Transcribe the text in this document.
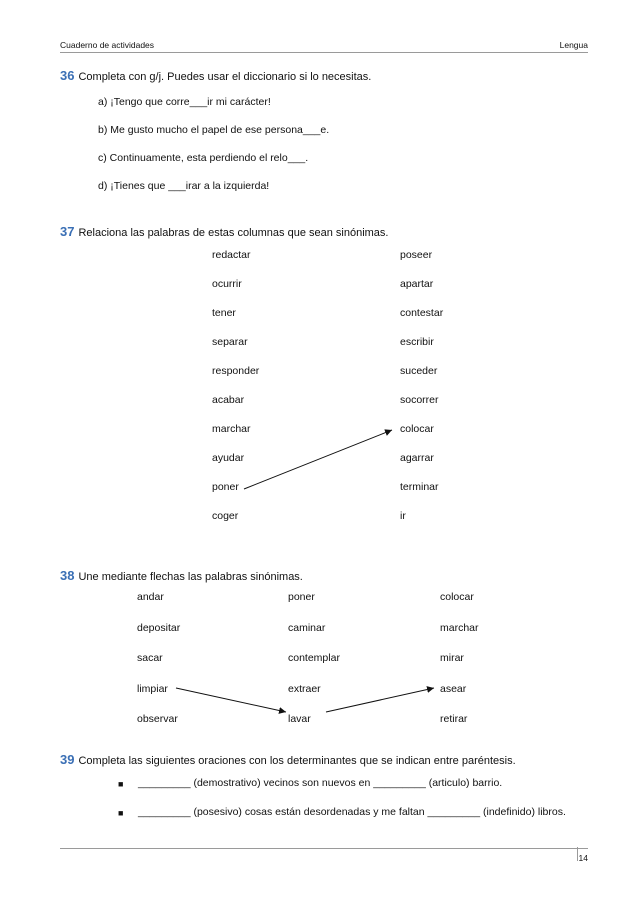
Cuaderno de actividades	Lengua
36 Completa con g/j. Puedes usar el diccionario si lo necesitas.
a) ¡Tengo que corre___ir mi carácter!
b) Me gusto mucho el papel de ese persona___e.
c) Continuamente, esta perdiendo el relo___.
d) ¡Tienes que ___irar a la izquierda!
37 Relaciona las palabras de estas columnas que sean sinónimas.
redactar
ocurrir
tener
separar
responder
acabar
marchar
ayudar
poner
coger
poseer
apartar
contestar
escribir
suceder
socorrer
colocar
agarrar
terminar
ir
38 Une mediante flechas las palabras sinónimas.
andar
depositar
sacar
limpiar
observar
poner
caminar
contemplar
extraer
lavar
colocar
marchar
mirar
asear
retirar
39 Completa las siguientes oraciones con los determinantes que se indican entre paréntesis.
■ _________ (demostrativo) vecinos son nuevos en _________ (articulo) barrio.
■ _________ (posesivo) cosas están desordenadas y me faltan _________ (indefinido) libros.
14
